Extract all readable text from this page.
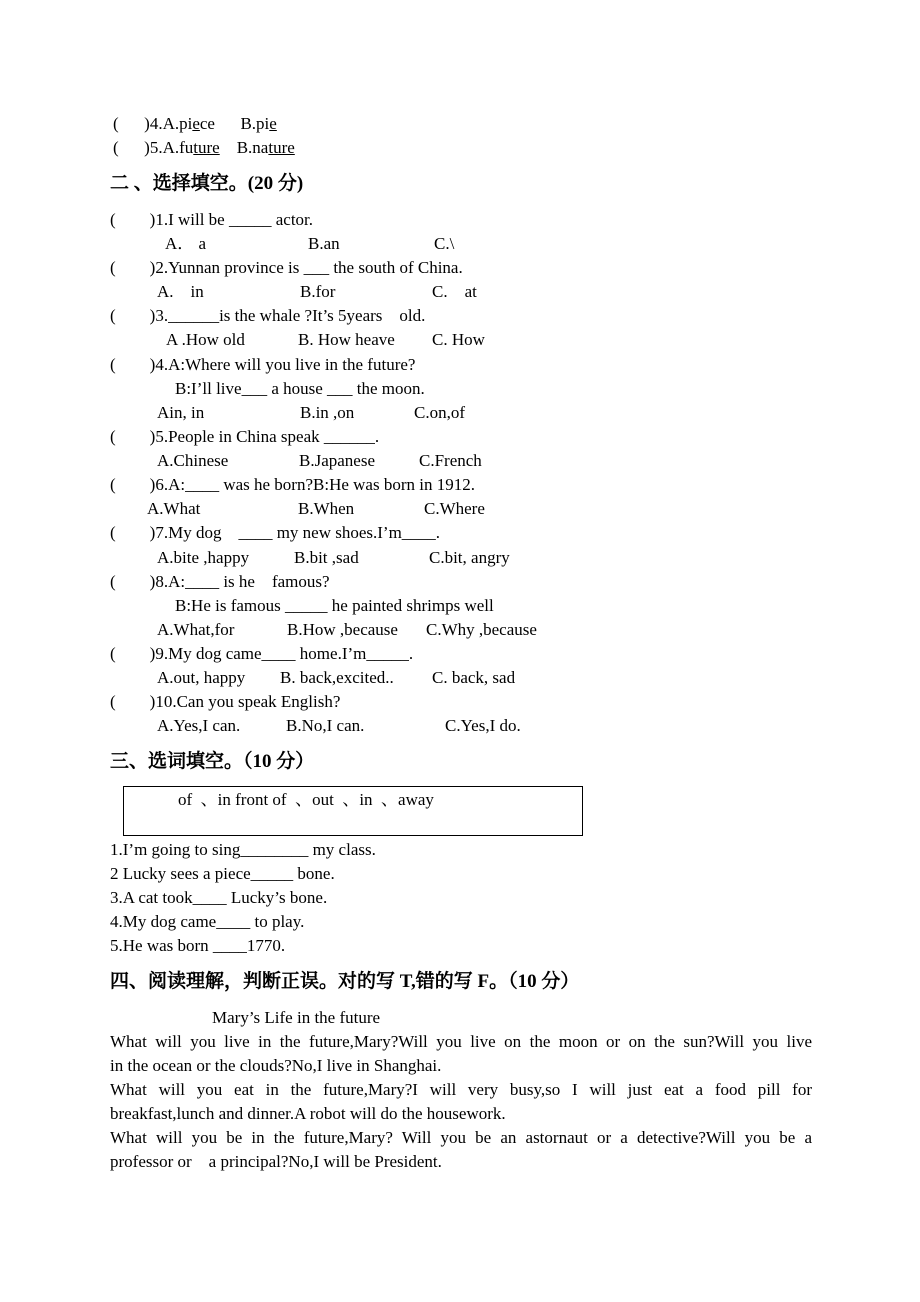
(      )4.A.piece      B.pie
(      )5.A.future    B.nature
二 、选择填空。(20 分)
(        )1.I will be _____ actor.
A． a	B.an	C.\
(        )2.Yunnan province is ___ the south of China.
A.    in	B.for	C.    at
(        )3.______is the whale ?It’s 5years    old.
A .How old	B. How heave C. How
(        )4.A:Where will you live in the future?
B:I’ll live___ a house ___ the moon.
Ain, in	B.in ,on	C.on,of
(        )5.People in China speak ______.
A.Chinese	B.Japanese	C.French
(        )6.A:____ was he born?B:He was born in 1912.
A.What	B.When	C.Where
(        )7.My dog    ____ my new shoes.I’m____.
A.bite ,happy	B.bit ,sad	C.bit, angry
(        )8.A:____ is he    famous?
B:He is famous _____ he painted shrimps well
A.What,for	B.How ,because C.Why ,because
(        )9.My dog came____ home.I’m_____.
A.out, happy B. back,excited.. C. back, sad
(        )10.Can you speak English?
A.Yes,I can.	B.No,I can.	C.Yes,I do.
三、选词填空。（10 分）
of  、in front of  、out  、in  、away
1.I’m going to sing________ my class.
2 Lucky sees a piece_____ bone.
3.A cat took____ Lucky’s bone.
4.My dog came____ to play.
5.He was born ____1770.
四、阅读理解，判断正误。对的写 T,错的写 F。（10 分）
Mary’s Life in the future
What will you live in the future,Mary?Will you live on the moon or on the sun?Will you live
in the ocean or the clouds?No,I live in Shanghai.
What will you eat in the future,Mary?I will very busy,so I will just eat a food pill for
breakfast,lunch and dinner.A robot will do the housework.
What will you be in the future,Mary? Will you be an astornaut or a detective?Will you be a
professor or    a principal?No,I will be President.
